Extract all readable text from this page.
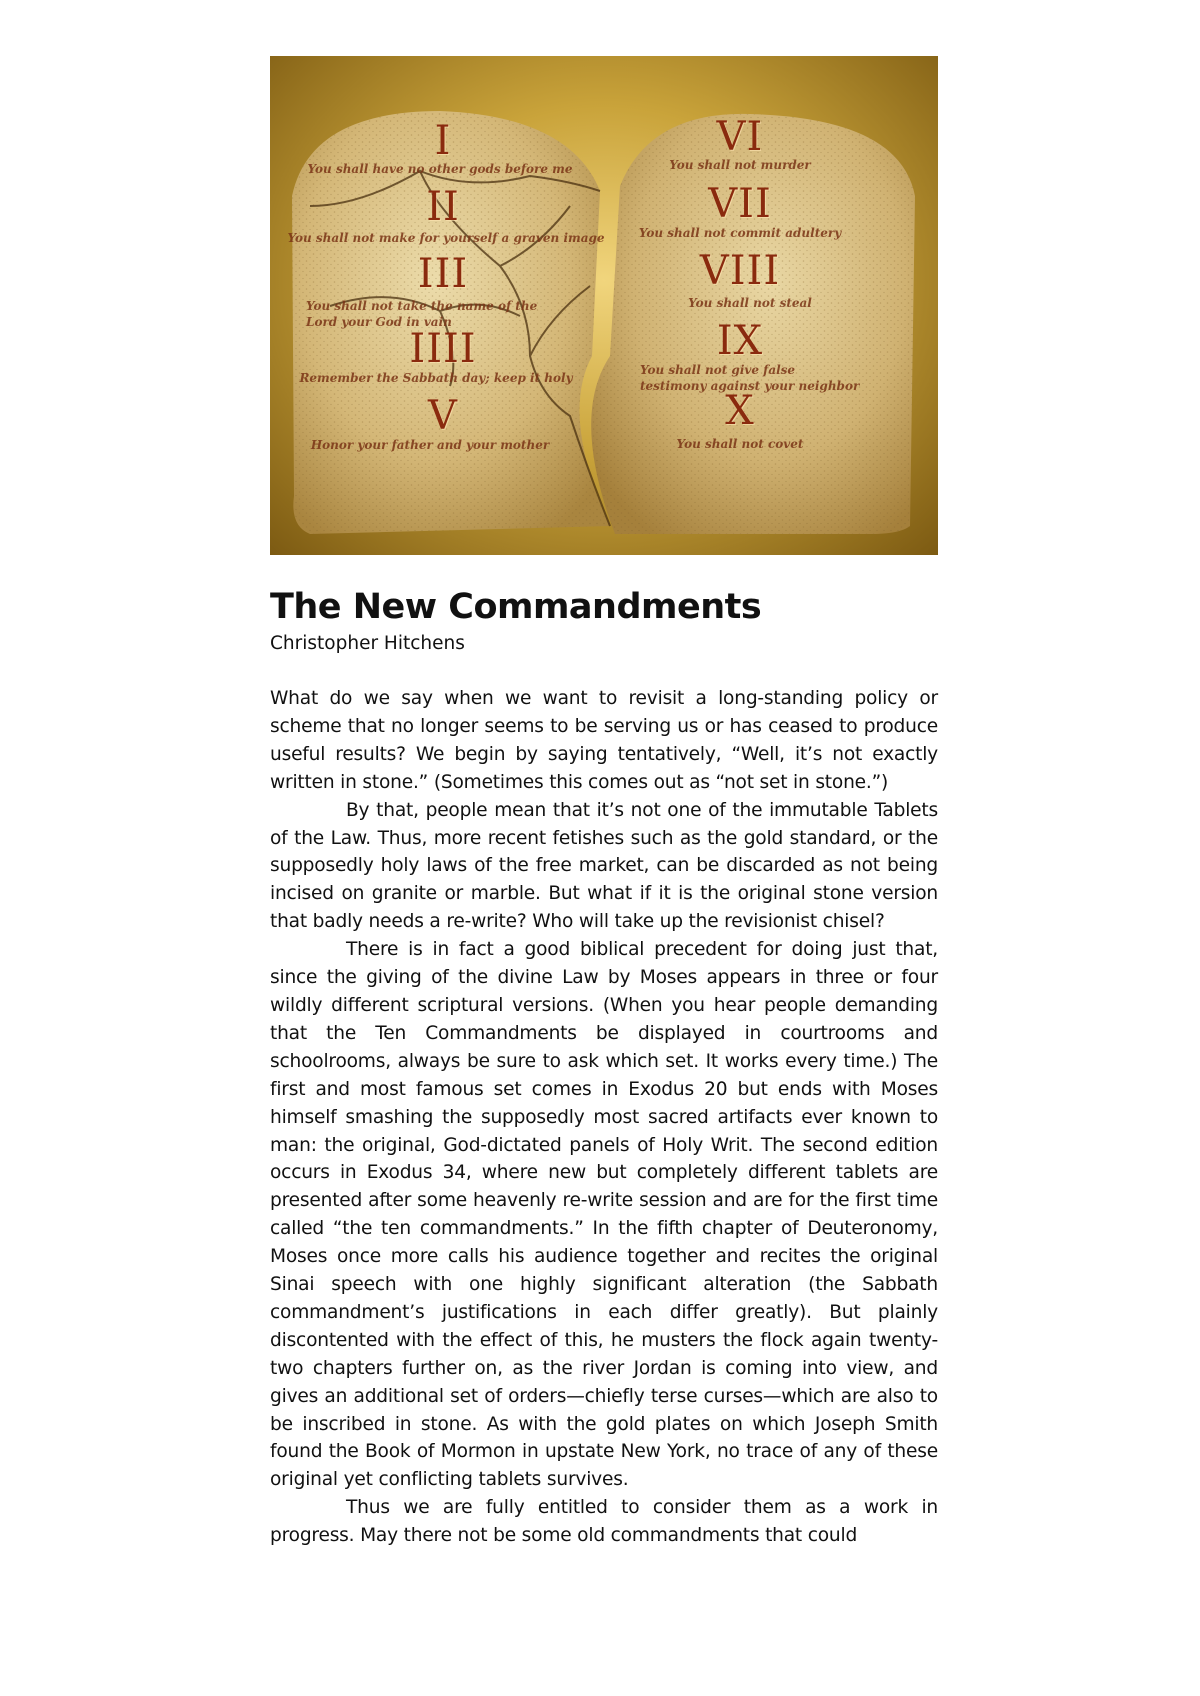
I
You shall have no other gods before me
II
You shall not make for yourself a graven image
III
You shall not take the name of the Lord your God in vain
IIII
Remember the Sabbath day; keep it holy
V
Honor your father and your mother
VI
You shall not murder
VII
You shall not commit adultery
VIII
You shall not steal
IX
You shall not give false testimony against your neighbor
X
You shall not covet
The New Commandments
Christopher Hitchens

What do we say when we want to revisit a long-standing policy or scheme that no longer seems to be serving us or has ceased to produce useful results? We begin by saying tentatively, “Well, it’s not exactly written in stone.” (Sometimes this comes out as “not set in stone.”)

By that, people mean that it’s not one of the immutable Tablets of the Law. Thus, more recent fetishes such as the gold standard, or the supposedly holy laws of the free market, can be discarded as not being incised on granite or marble. But what if it is the original stone version that badly needs a re-write? Who will take up the revisionist chisel?

There is in fact a good biblical precedent for doing just that, since the giving of the divine Law by Moses appears in three or four wildly different scriptural versions. (When you hear people demanding that the Ten Commandments be displayed in courtrooms and schoolrooms, always be sure to ask which set. It works every time.) The first and most famous set comes in Exodus 20 but ends with Moses himself smashing the supposedly most sacred artifacts ever known to man: the original, God-dictated panels of Holy Writ. The second edition occurs in Exodus 34, where new but completely different tablets are presented after some heavenly re-write session and are for the first time called “the ten commandments.” In the fifth chapter of Deuteronomy, Moses once more calls his audience together and recites the original Sinai speech with one highly significant alteration (the Sabbath commandment’s justifications in each differ greatly). But plainly discontented with the effect of this, he musters the flock again twenty-two chapters further on, as the river Jordan is coming into view, and gives an additional set of orders—chiefly terse curses—which are also to be inscribed in stone. As with the gold plates on which Joseph Smith found the Book of Mormon in upstate New York, no trace of any of these original yet conflicting tablets survives.

Thus we are fully entitled to consider them as a work in progress. May there not be some old commandments that could
